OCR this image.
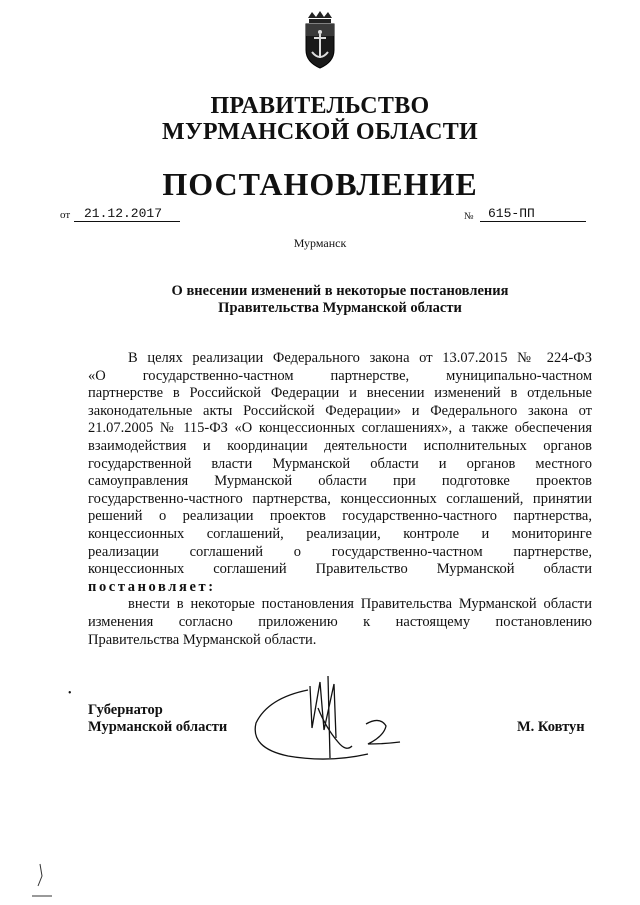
ПРАВИТЕЛЬСТВО
МУРМАНСКОЙ ОБЛАСТИ
ПОСТАНОВЛЕНИЕ
от	21.12.2017	№	615-ПП
Мурманск
О внесении изменений в некоторые постановления
Правительства Мурманской области
В целях реализации Федерального закона от 13.07.2015 № 224-ФЗ
«О государственно-частном партнерстве, муниципально-частном
партнерстве в Российской Федерации и внесении изменений в отдельные
законодательные акты Российской Федерации» и Федерального закона от
21.07.2005 № 115-ФЗ «О концессионных соглашениях», а также обеспечения
взаимодействия и координации деятельности исполнительных органов
государственной власти Мурманской области и органов местного
самоуправления Мурманской области при подготовке проектов
государственно-частного партнерства, концессионных соглашений, принятии
решений о реализации проектов государственно-частного партнерства,
концессионных соглашений, реализации, контроле и мониторинге
реализации соглашений о государственно-частном партнерстве,
концессионных соглашений Правительство Мурманской области
постановляет:
внести в некоторые постановления Правительства Мурманской области
изменения согласно приложению к настоящему постановлению
Правительства Мурманской области.
•
Губернатор
Мурманской области	М. Ковтун
